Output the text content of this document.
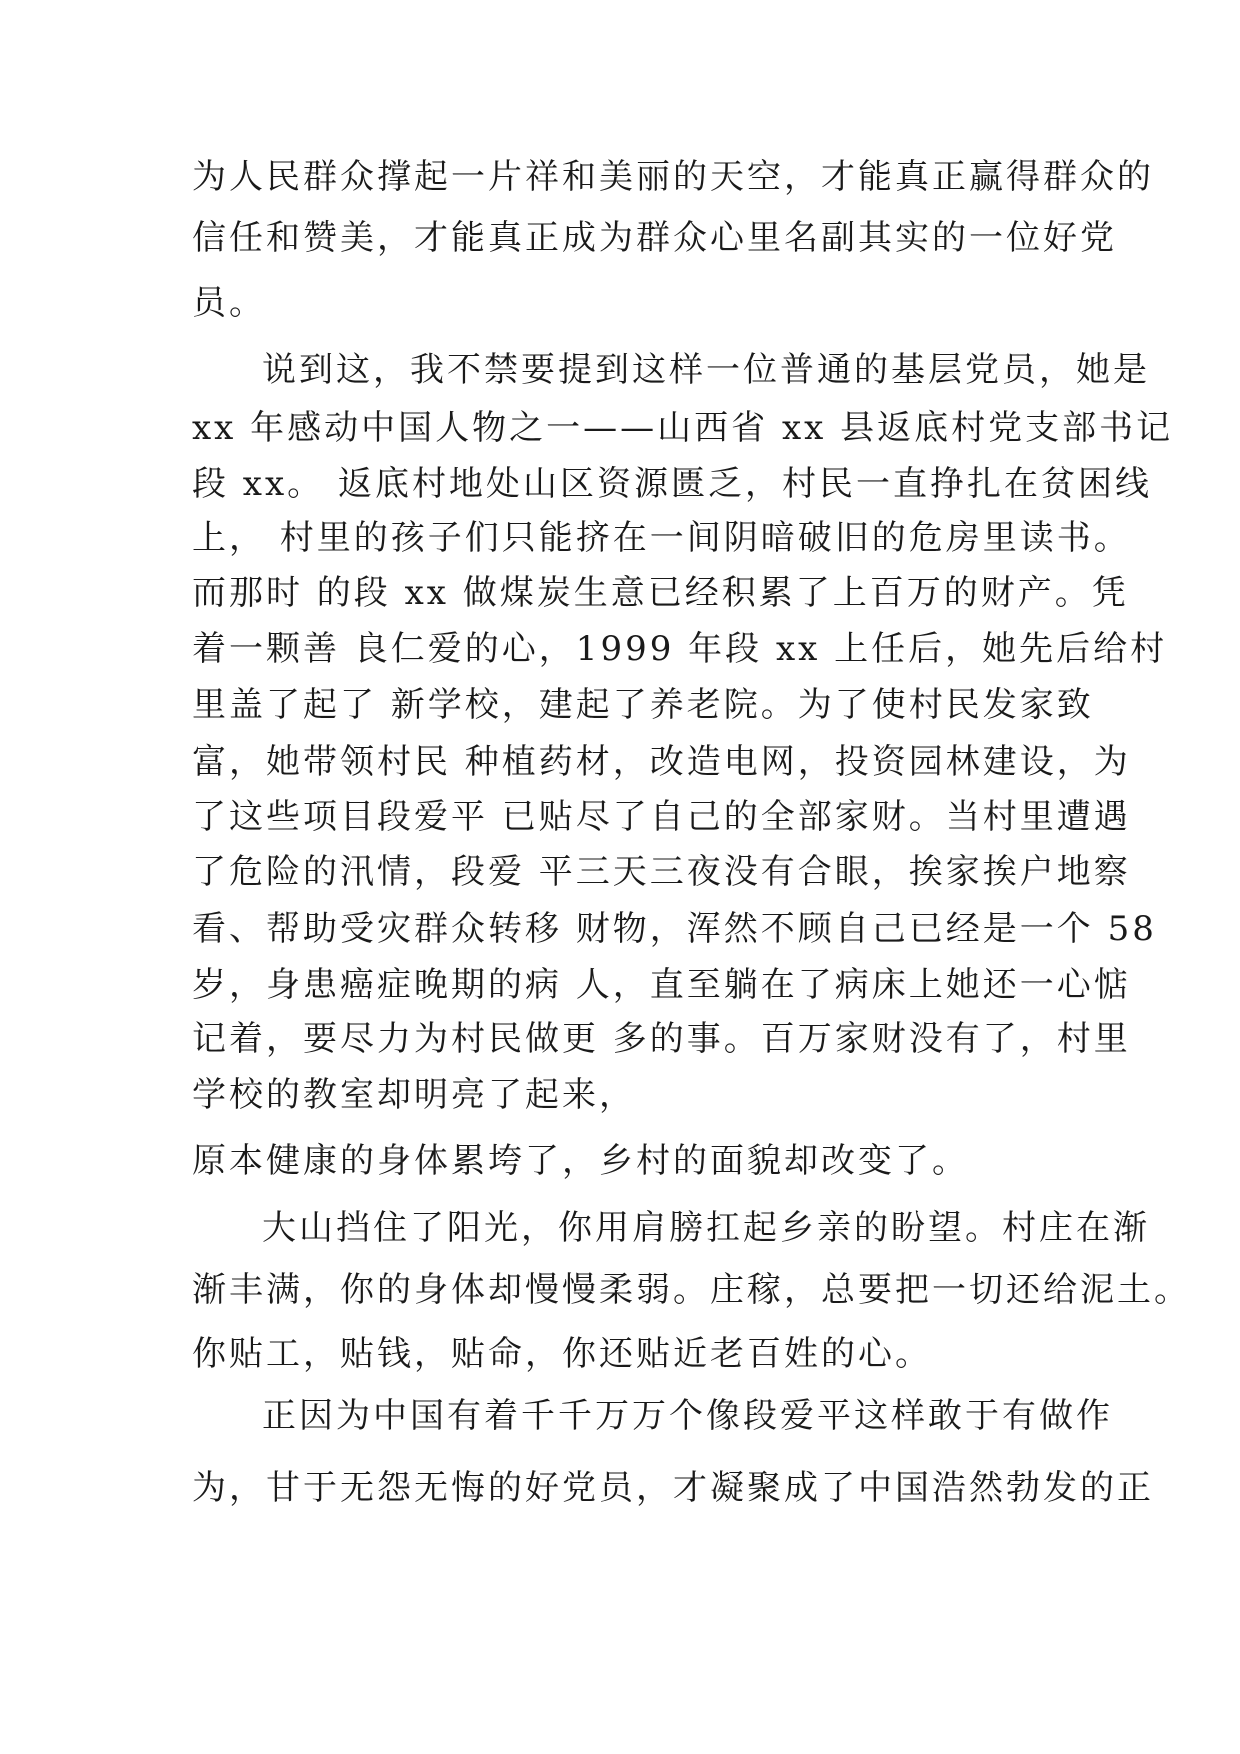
为人民群众撑起一片祥和美丽的天空，才能真正赢得群众的

信任和赞美，才能真正成为群众心里名副其实的一位好党

员。

说到这，我不禁要提到这样一位普通的基层党员，她是

xx 年感动中国人物之一——山西省 xx 县返底村党支部书记

段 xx。 返底村地处山区资源匮乏，村民一直挣扎在贫困线

上， 村里的孩子们只能挤在一间阴暗破旧的危房里读书。

而那时 的段 xx 做煤炭生意已经积累了上百万的财产。凭

着一颗善 良仁爱的心，1999 年段 xx 上任后，她先后给村

里盖了起了 新学校，建起了养老院。为了使村民发家致

富，她带领村民 种植药材，改造电网，投资园林建设，为

了这些项目段爱平 已贴尽了自己的全部家财。当村里遭遇

了危险的汛情，段爱 平三天三夜没有合眼，挨家挨户地察

看、帮助受灾群众转移 财物，浑然不顾自己已经是一个 58

岁，身患癌症晚期的病 人，直至躺在了病床上她还一心惦

记着，要尽力为村民做更 多的事。百万家财没有了，村里

学校的教室却明亮了起来，

原本健康的身体累垮了，乡村的面貌却改变了。

大山挡住了阳光，你用肩膀扛起乡亲的盼望。村庄在渐

渐丰满，你的身体却慢慢柔弱。庄稼，总要把一切还给泥土。

你贴工，贴钱，贴命，你还贴近老百姓的心。

正因为中国有着千千万万个像段爱平这样敢于有做作

为，甘于无怨无悔的好党员，才凝聚成了中国浩然勃发的正
